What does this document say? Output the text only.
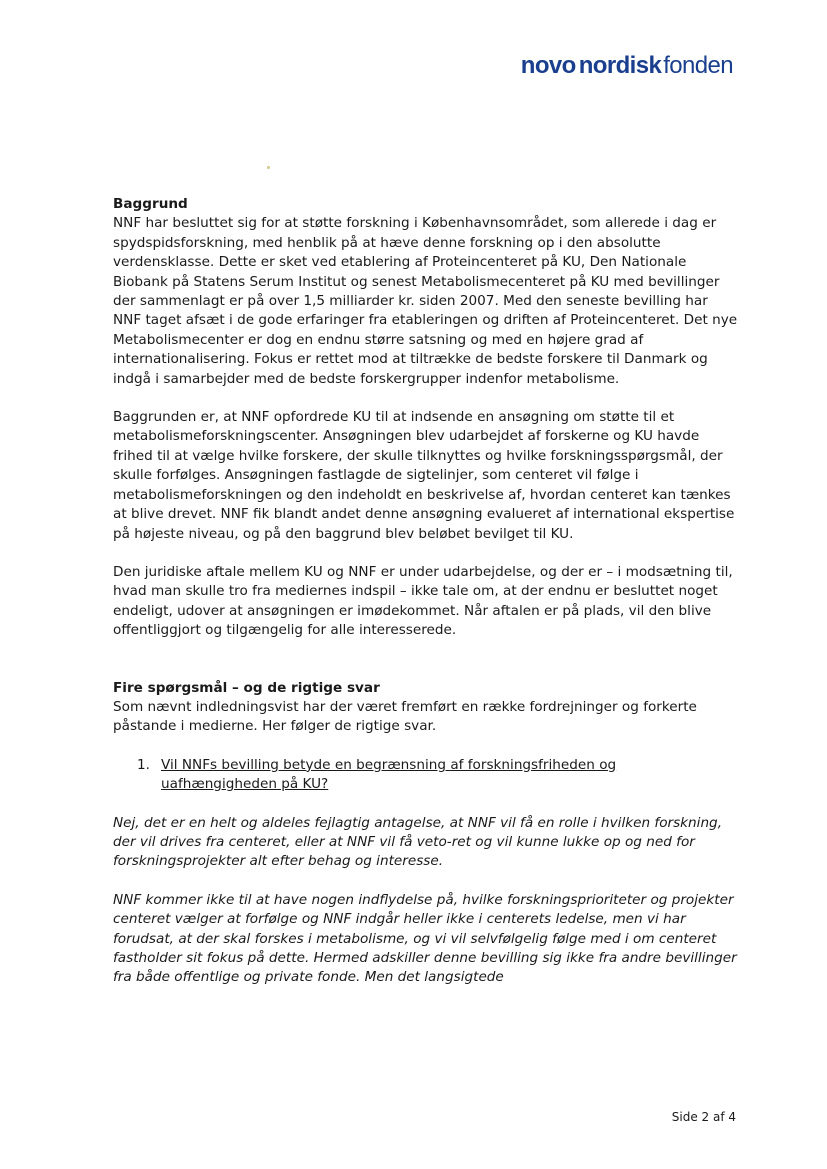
novo nordiskfonden

Baggrund

NNF har besluttet sig for at støtte forskning i Københavnsområdet, som allerede i dag er spydspidsforskning, med henblik på at hæve denne forskning op i den absolutte verdensklasse. Dette er sket ved etablering af Proteincenteret på KU, Den Nationale Biobank på Statens Serum Institut og senest Metabolismecenteret på KU med bevillinger der sammenlagt er på over 1,5 milliarder kr. siden 2007. Med den seneste bevilling har NNF taget afsæt i de gode erfaringer fra etableringen og driften af Proteincenteret. Det nye Metabolismecenter er dog en endnu større satsning og med en højere grad af internationalisering. Fokus er rettet mod at tiltrække de bedste forskere til Danmark og indgå i samarbejder med de bedste forskergrupper indenfor metabolisme.

Baggrunden er, at NNF opfordrede KU til at indsende en ansøgning om støtte til et metabolismeforskningscenter. Ansøgningen blev udarbejdet af forskerne og KU havde frihed til at vælge hvilke forskere, der skulle tilknyttes og hvilke forskningsspørgsmål, der skulle forfølges. Ansøgningen fastlagde de sigtelinjer, som centeret vil følge i metabolismeforskningen og den indeholdt en beskrivelse af, hvordan centeret kan tænkes at blive drevet. NNF fik blandt andet denne ansøgning evalueret af international ekspertise på højeste niveau, og på den baggrund blev beløbet bevilget til KU.

Den juridiske aftale mellem KU og NNF er under udarbejdelse, og der er – i modsætning til, hvad man skulle tro fra mediernes indspil – ikke tale om, at der endnu er besluttet noget endeligt, udover at ansøgningen er imødekommet. Når aftalen er på plads, vil den blive offentliggjort og tilgængelig for alle interesserede.

Fire spørgsmål – og de rigtige svar

Som nævnt indledningsvist har der været fremført en række fordrejninger og forkerte påstande i medierne. Her følger de rigtige svar.

1. Vil NNFs bevilling betyde en begrænsning af forskningsfriheden og uafhængigheden på KU?

Nej, det er en helt og aldeles fejlagtig antagelse, at NNF vil få en rolle i hvilken forskning, der vil drives fra centeret, eller at NNF vil få veto-ret og vil kunne lukke op og ned for forskningsprojekter alt efter behag og interesse.

NNF kommer ikke til at have nogen indflydelse på, hvilke forskningsprioriteter og projekter centeret vælger at forfølge og NNF indgår heller ikke i centerets ledelse, men vi har forudsat, at der skal forskes i metabolisme, og vi vil selvfølgelig følge med i om centeret fastholder sit fokus på dette. Hermed adskiller denne bevilling sig ikke fra andre bevillinger fra både offentlige og private fonde. Men det langsigtede

Side 2 af 4
